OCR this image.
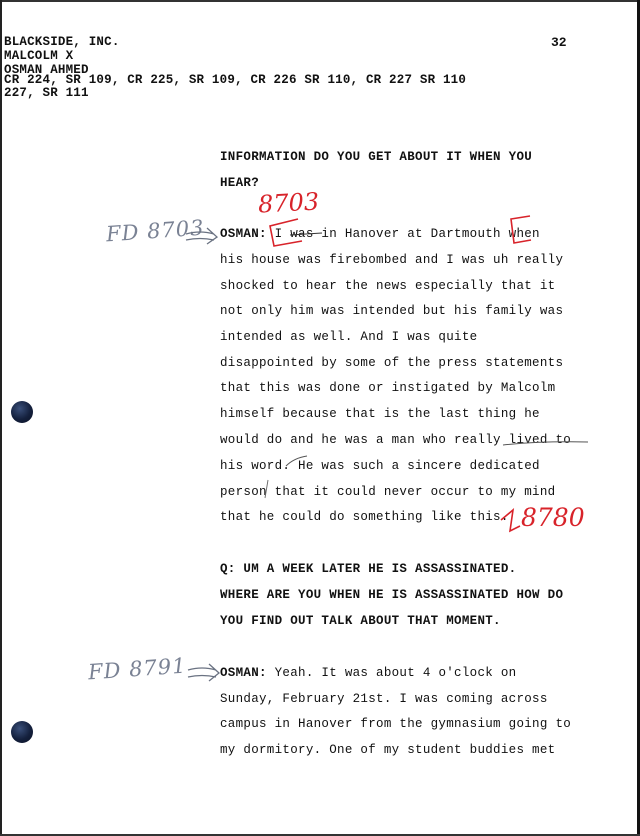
BLACKSIDE, INC.
MALCOLM X
OSMAN AHMED
CR 224, SR 109, CR 225, SR 109, CR 226 SR 110, CR 227 SR 110
227, SR 111
32
INFORMATION DO YOU GET ABOUT IT WHEN YOU
HEAR?
OSMAN: I was in Hanover at Dartmouth when
his house was firebombed and I was uh really
shocked to hear the news especially that it
not only him was intended but his family was
intended as well. And I was quite
disappointed by some of the press statements
that this was done or instigated by Malcolm
himself because that is the last thing he
would do and he was a man who really lived to
his word. He was such a sincere dedicated
person that it could never occur to my mind
that he could do something like this.
Q: UM A WEEK LATER HE IS ASSASSINATED.
WHERE ARE YOU WHEN HE IS ASSASSINATED HOW DO
YOU FIND OUT TALK ABOUT THAT MOMENT.
OSMAN: Yeah. It was about 4 o'clock on
Sunday, February 21st. I was coming across
campus in Hanover from the gymnasium going to
my dormitory. One of my student buddies met
FD 8703
FD 8791
8703
8780
